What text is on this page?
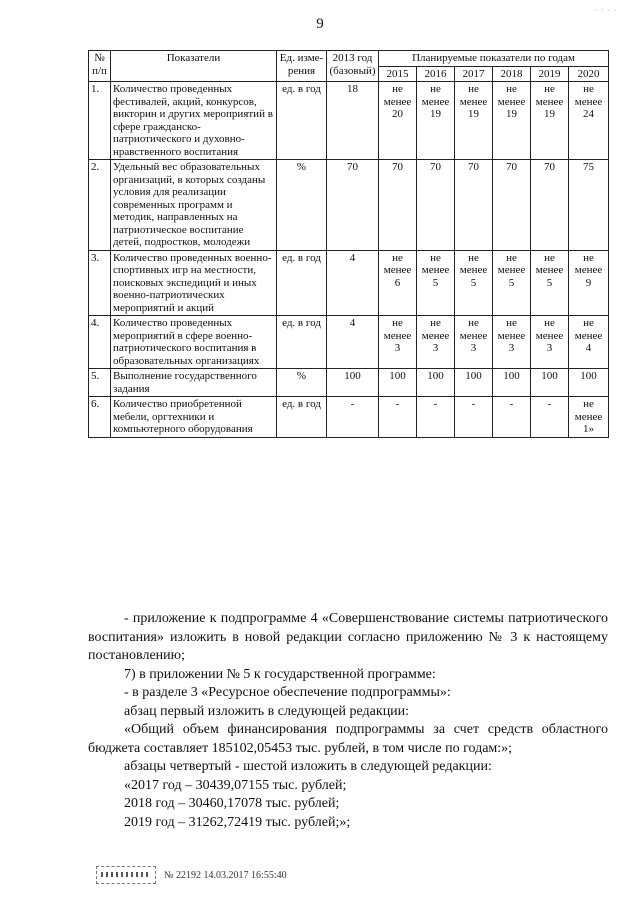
9
· · · ·
№ п/п	Показатели	Ед. изме-рения	2013 год (базовый)	Планируемые показатели по годам					
				2015	2016	2017	2018	2019	2020
1.	Количество проведенных фестивалей, акций, конкурсов, викторин и других мероприятий в сфере гражданско-патриотического и духовно-нравственного воспитания	ед. в год	18	не менее 20	не менее 19	не менее 19	не менее 19	не менее 19	не менее 24
2.	Удельный вес образовательных организаций, в которых созданы условия для реализации современных программ и методик, направленных на патриотическое воспитание детей, подростков, молодежи	%	70	70	70	70	70	70	75
3.	Количество проведенных военно-спортивных игр на местности, поисковых экспедиций и иных военно-патриотических мероприятий и акций	ед. в год	4	не менее 6	не менее 5	не менее 5	не менее 5	не менее 5	не менее 9
4.	Количество проведенных мероприятий в сфере военно-патриотического воспитания в образовательных организациях	ед. в год	4	не менее 3	не менее 3	не менее 3	не менее 3	не менее 3	не менее 4
5.	Выполнение государственного задания	%	100	100	100	100	100	100	100
6.	Количество приобретенной мебели, оргтехники и компьютерного оборудования	ед. в год	-	-	-	-	-	-	не менее 1»

- приложение к подпрограмме 4 «Совершенствование системы патриотического воспитания» изложить в новой редакции согласно приложению № 3 к настоящему постановлению;

7) в приложении № 5 к государственной программе:

- в разделе 3 «Ресурсное обеспечение подпрограммы»:

абзац первый изложить в следующей редакции:

«Общий объем финансирования подпрограммы за счет средств областного бюджета составляет 185102,05453 тыс. рублей, в том числе по годам:»;

абзацы четвертый - шестой изложить в следующей редакции:

«2017 год – 30439,07155 тыс. рублей;

2018 год – 30460,17078 тыс. рублей;

2019 год – 31262,72419 тыс. рублей;»;

№ 22192 14.03.2017 16:55:40
